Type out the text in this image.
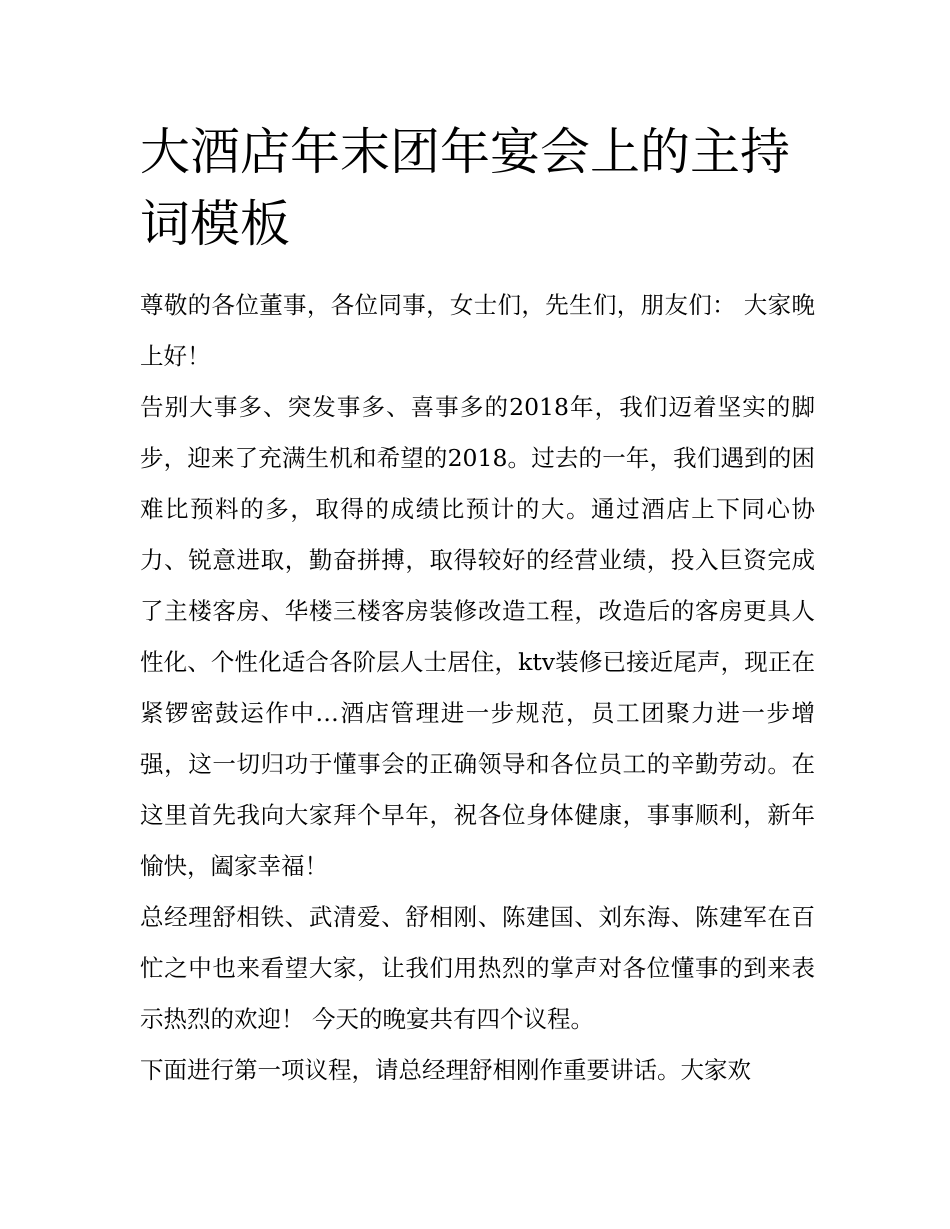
大酒店年末团年宴会上的主持词模板

尊敬的各位董事，各位同事，女士们，先生们，朋友们： 大家晚上好！

告别大事多、突发事多、喜事多的2018年，我们迈着坚实的脚步，迎来了充满生机和希望的2018。过去的一年，我们遇到的困难比预料的多，取得的成绩比预计的大。通过酒店上下同心协力、锐意进取，勤奋拼搏，取得较好的经营业绩，投入巨资完成了主楼客房、华楼三楼客房装修改造工程，改造后的客房更具人性化、个性化适合各阶层人士居住，ktv装修已接近尾声，现正在紧锣密鼓运作中…酒店管理进一步规范，员工团聚力进一步增强，这一切归功于懂事会的正确领导和各位员工的辛勤劳动。在这里首先我向大家拜个早年，祝各位身体健康，事事顺利，新年愉快，阖家幸福！

总经理舒相铁、武清爱、舒相刚、陈建国、刘东海、陈建军在百忙之中也来看望大家，让我们用热烈的掌声对各位懂事的到来表示热烈的欢迎！ 今天的晚宴共有四个议程。

下面进行第一项议程，请总经理舒相刚作重要讲话。大家欢
